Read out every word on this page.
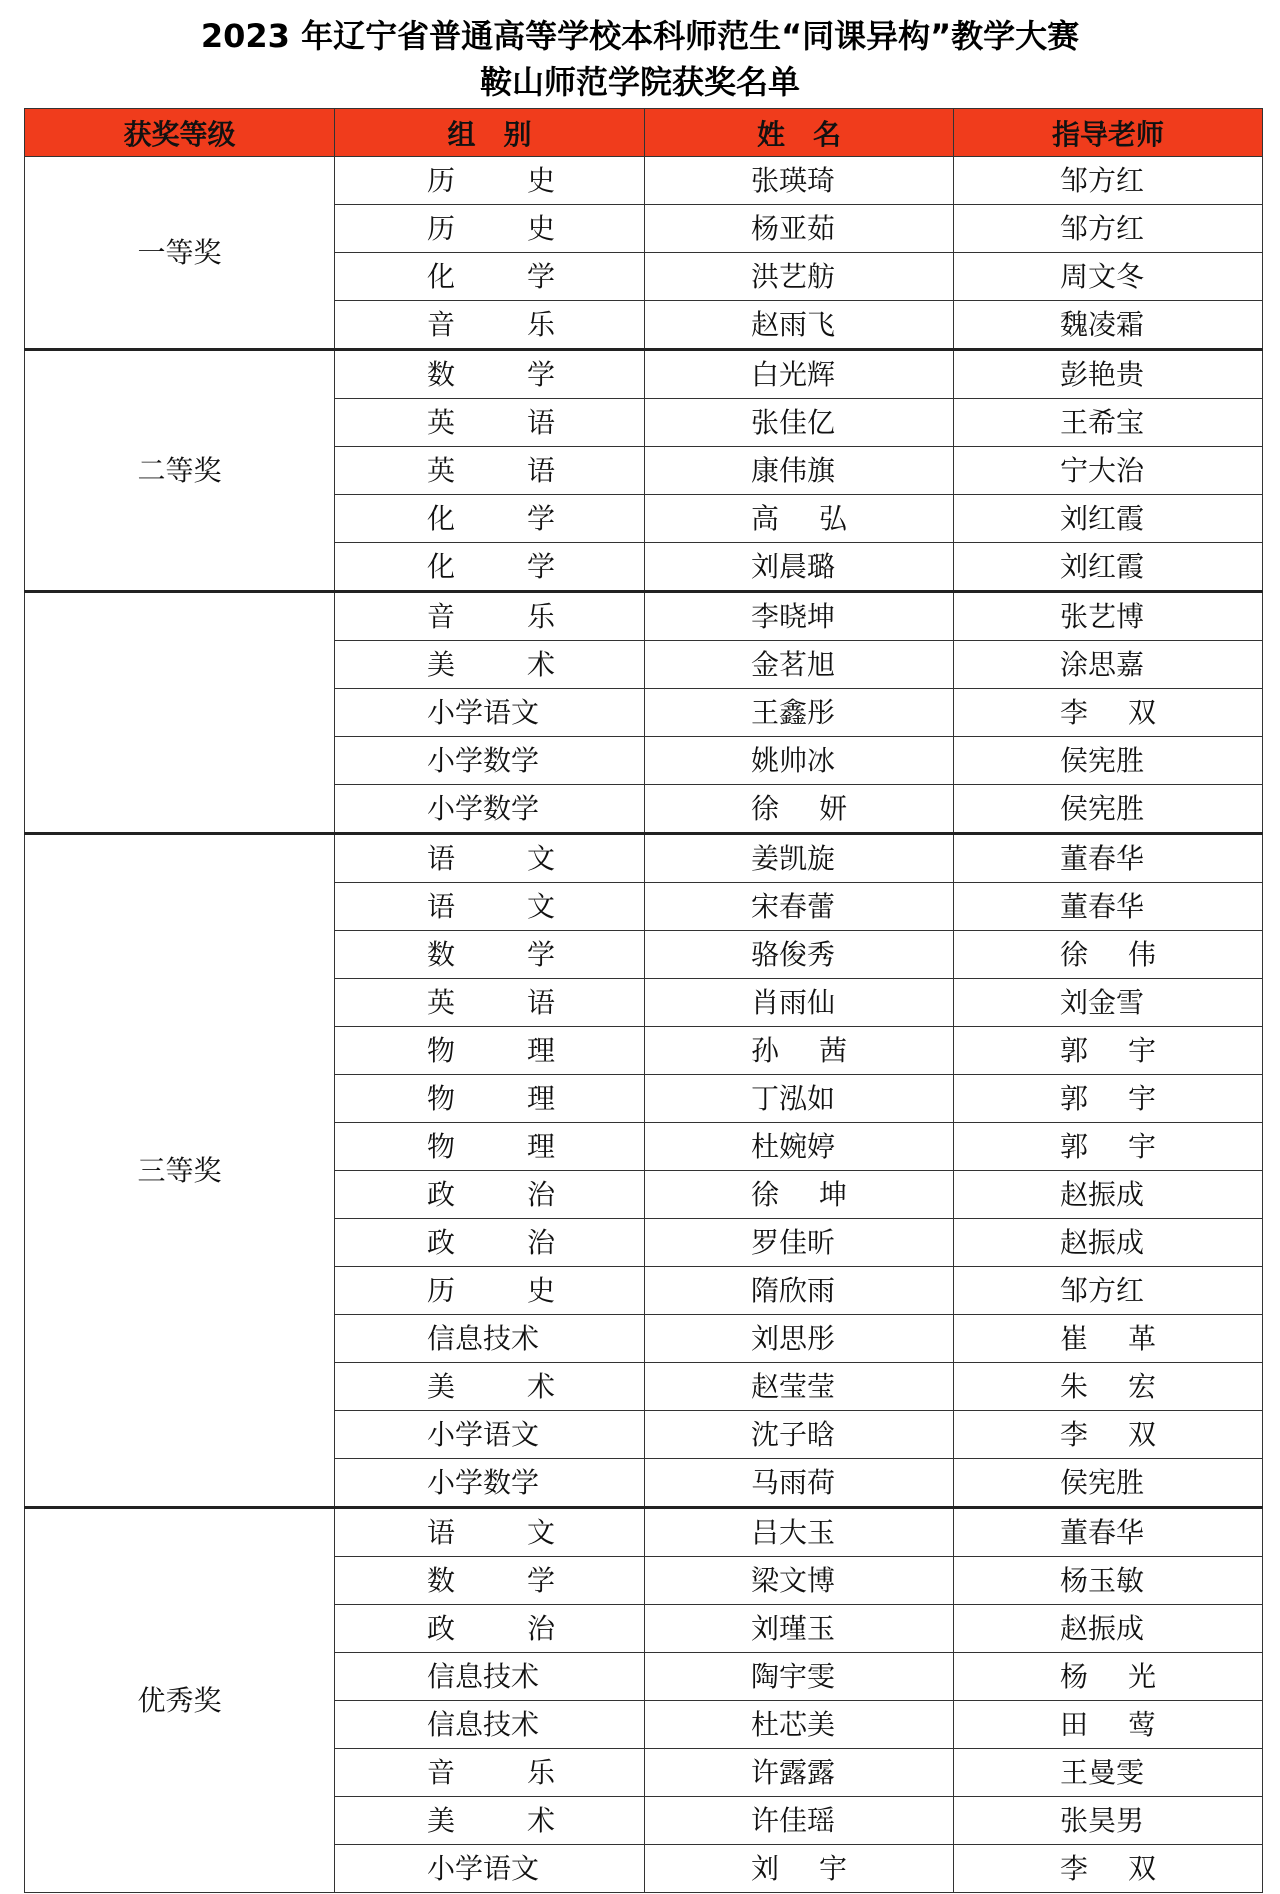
2023 年辽宁省普通高等学校本科师范生“同课异构”教学大赛
鞍山师范学院获奖名单
获奖等级	组　别	姓　名	指导老师
一等奖	历史	张瑛琦	邹方红
	历史	杨亚茹	邹方红
	化学	洪艺舫	周文冬
	音乐	赵雨飞	魏凌霜
二等奖	数学	白光辉	彭艳贵
	英语	张佳亿	王希宝
	英语	康伟旗	宁大治
	化学	高弘	刘红霞
	化学	刘晨璐	刘红霞
	音乐	李晓坤	张艺博
	美术	金茗旭	涂思嘉
	小学语文	王鑫彤	李双
	小学数学	姚帅冰	侯宪胜
	小学数学	徐妍	侯宪胜
三等奖	语文	姜凯旋	董春华
	语文	宋春蕾	董春华
	数学	骆俊秀	徐伟
	英语	肖雨仙	刘金雪
	物理	孙茜	郭宇
	物理	丁泓如	郭宇
	物理	杜婉婷	郭宇
	政治	徐坤	赵振成
	政治	罗佳昕	赵振成
	历史	隋欣雨	邹方红
	信息技术	刘思彤	崔革
	美术	赵莹莹	朱宏
	小学语文	沈子晗	李双
	小学数学	马雨荷	侯宪胜
优秀奖	语文	吕大玉	董春华
	数学	梁文博	杨玉敏
	政治	刘瑾玉	赵振成
	信息技术	陶宇雯	杨光
	信息技术	杜芯美	田莺
	音乐	许露露	王曼雯
	美术	许佳瑶	张昊男
	小学语文	刘宇	李双
